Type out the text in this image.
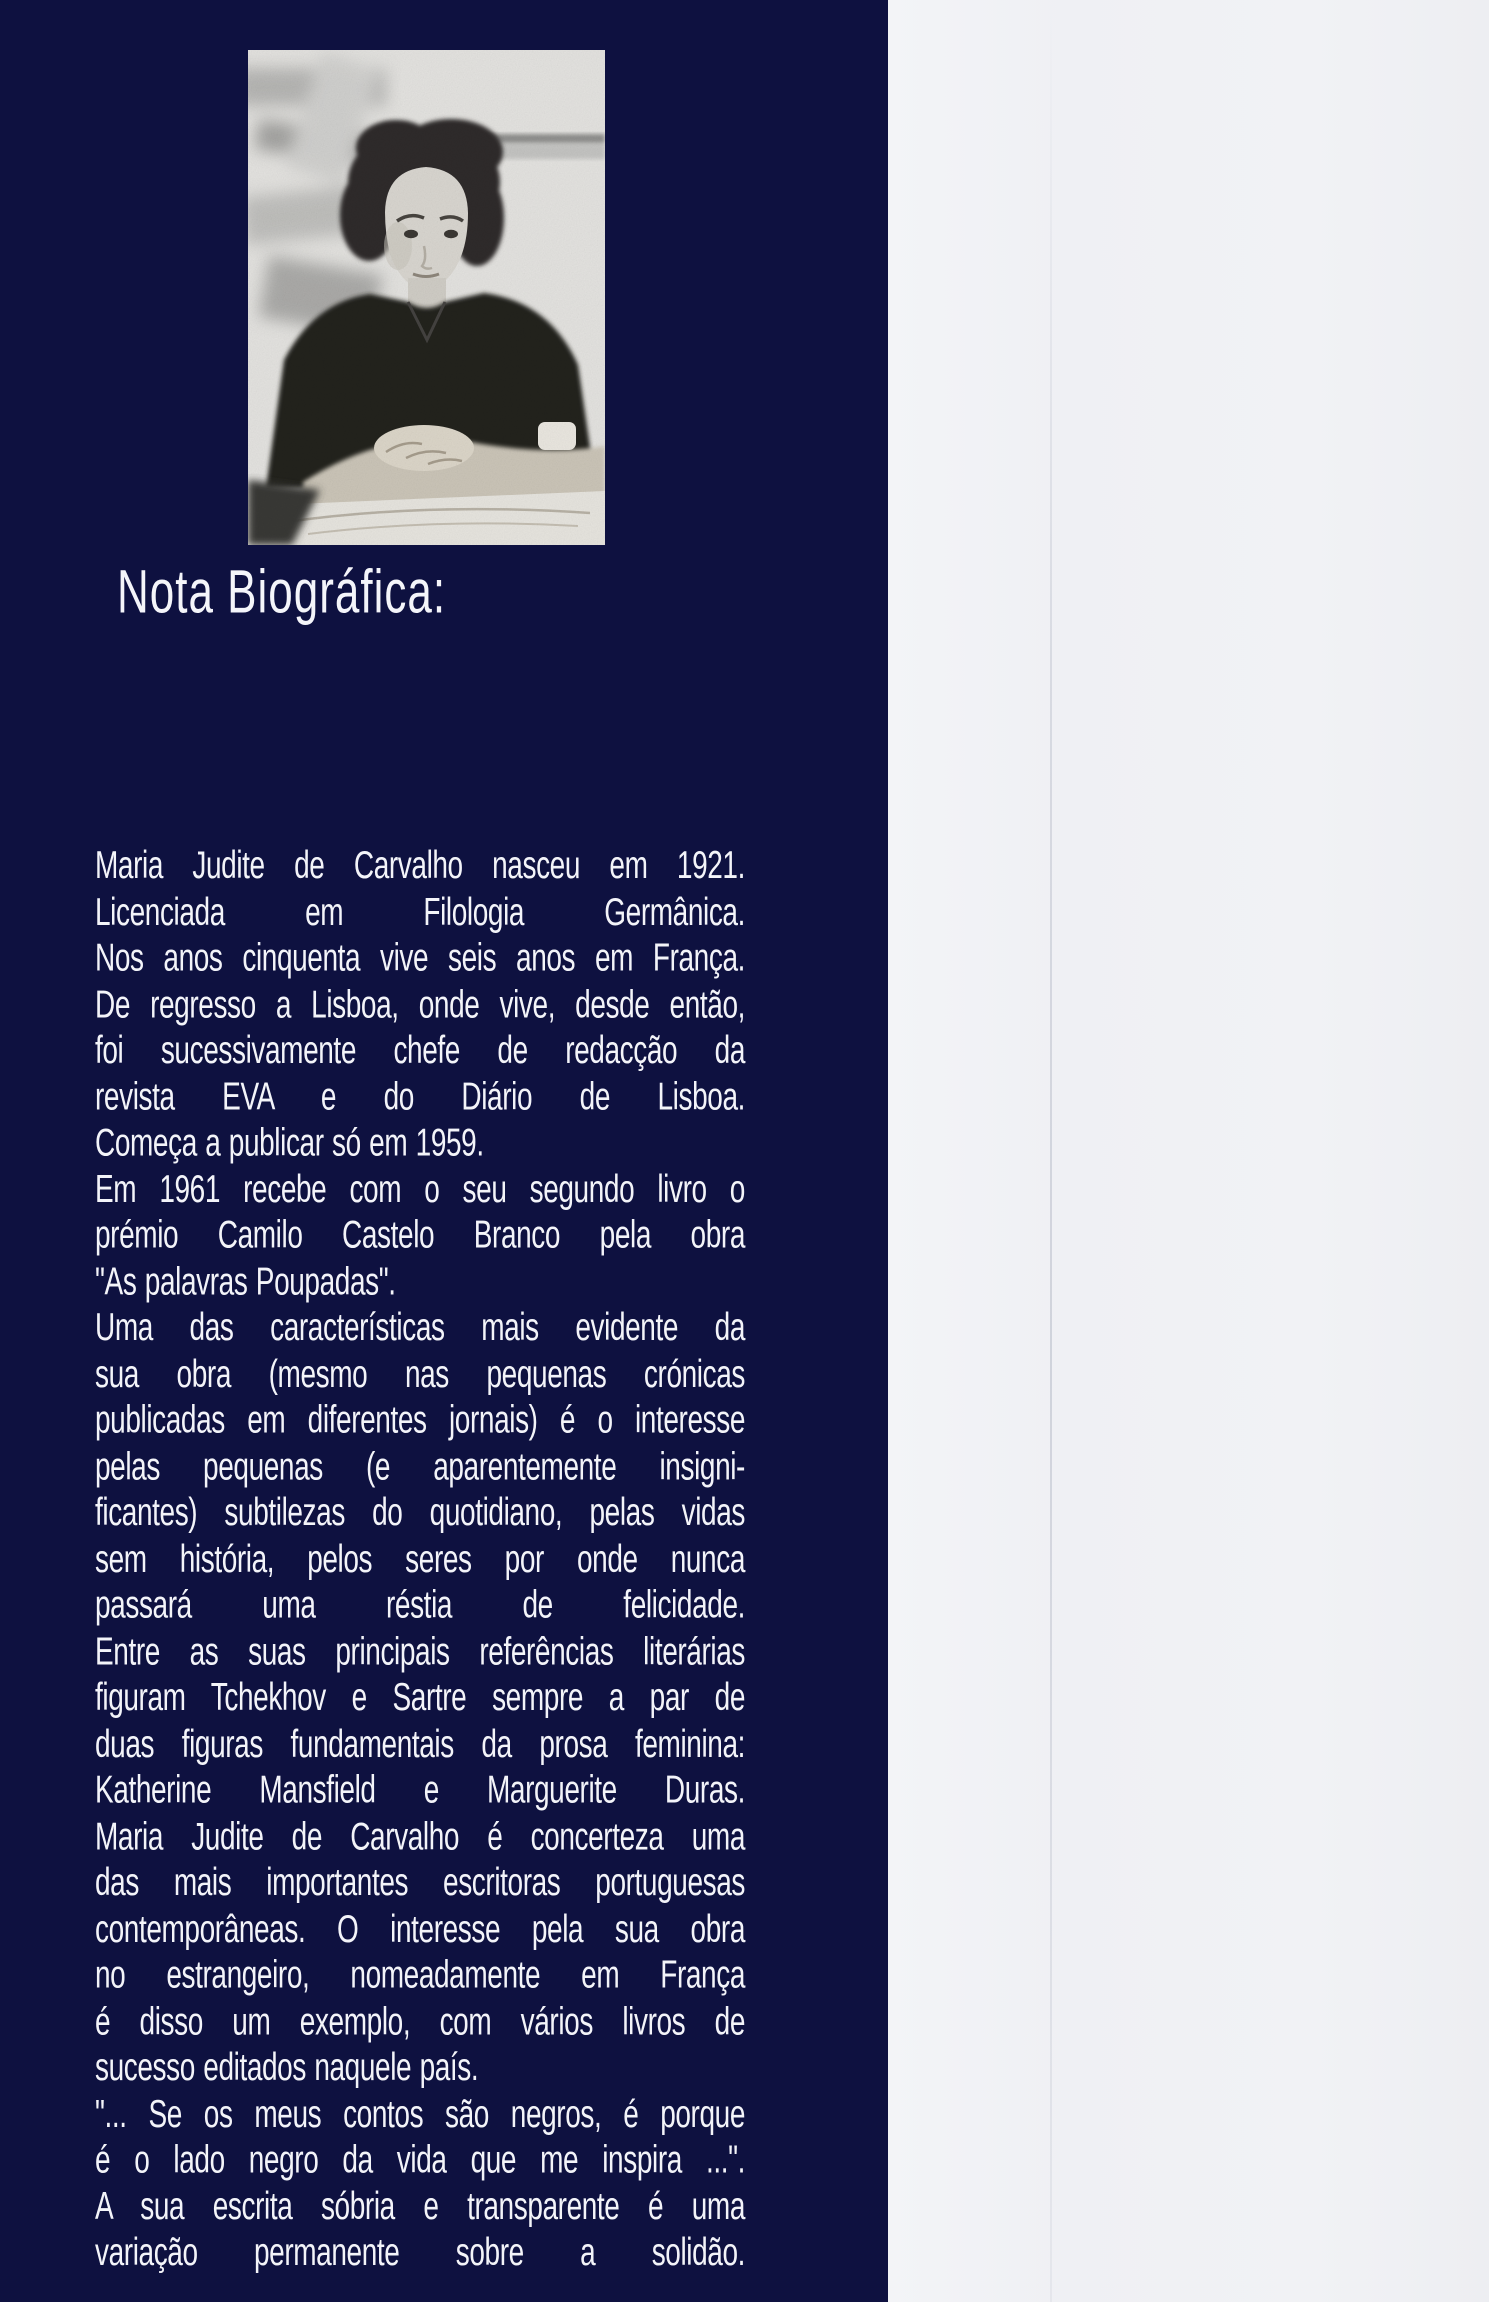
Nota Biográfica:
Maria Judite de Carvalho nasceu em 1921.
Licenciada em Filologia Germânica.
Nos anos cinquenta vive seis anos em França.
De regresso a Lisboa, onde vive, desde então,
foi sucessivamente chefe de redacção da
revista EVA e do Diário de Lisboa.
Começa a publicar só em 1959.
Em 1961 recebe com o seu segundo livro o
prémio Camilo Castelo Branco pela obra
"As palavras Poupadas".
Uma das características mais evidente da
sua obra (mesmo nas pequenas crónicas
publicadas em diferentes jornais) é o interesse
pelas pequenas (e aparentemente insigni-
ficantes) subtilezas do quotidiano, pelas vidas
sem história, pelos seres por onde nunca
passará uma réstia de felicidade.
Entre as suas principais referências literárias
figuram Tchekhov e Sartre sempre a par de
duas figuras fundamentais da prosa feminina:
Katherine Mansfield e Marguerite Duras.
Maria Judite de Carvalho é concerteza uma
das mais importantes escritoras portuguesas
contemporâneas. O interesse pela sua obra
no estrangeiro, nomeadamente em França
é disso um exemplo, com vários livros de
sucesso editados naquele país.
"... Se os meus contos são negros, é porque
é o lado negro da vida que me inspira ...".
A sua escrita sóbria e transparente é uma
variação permanente sobre a solidão.
